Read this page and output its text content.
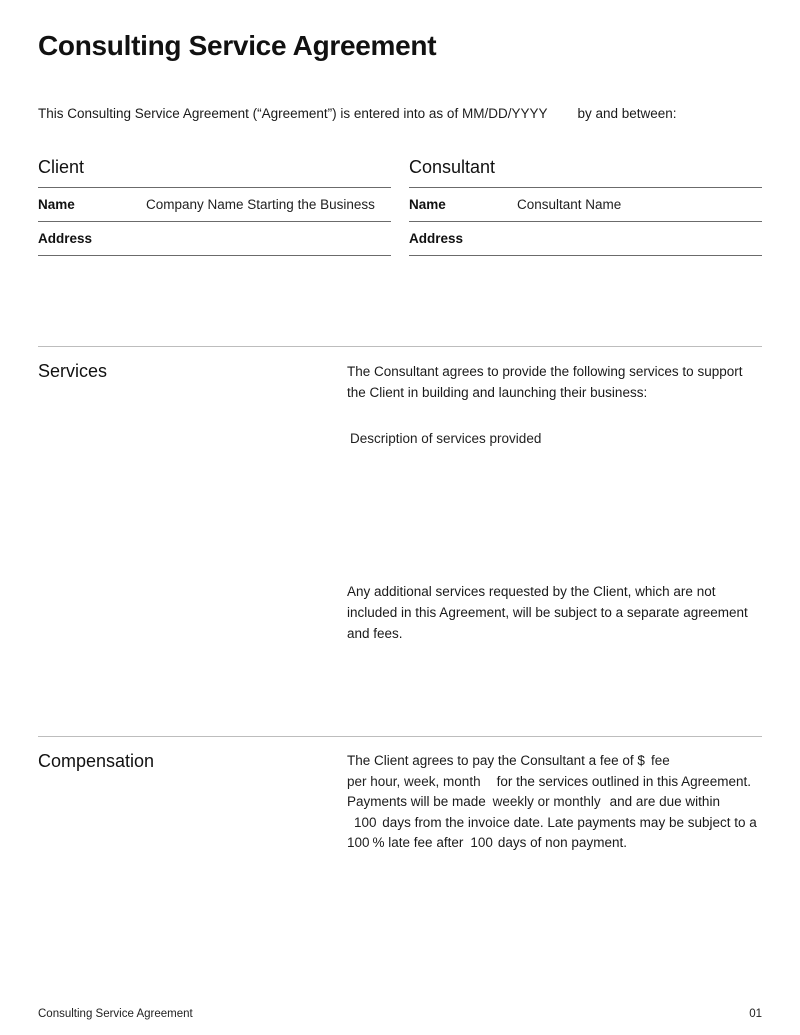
Consulting Service Agreement

This Consulting Service Agreement (“Agreement”) is entered into as of MM/DD/YYYY by and between:

Client
Name	Company Name Starting the Business
Address
Consultant
Name	Consultant Name
Address
Services	The Consultant agrees to provide the following services to support the Client in building and launching their business:

Description of services provided

Any additional services requested by the Client, which are not included in this Agreement, will be subject to a separate agreement and fees.

Compensation	The Client agrees to pay the Consultant a fee of $ fee
per hour, week, month for the services outlined in this Agreement.
Payments will be made weekly or monthly and are due within
100 days from the invoice date. Late payments may be subject to a
100 % late fee after 100 days of non payment.
Consulting Service Agreement	01
